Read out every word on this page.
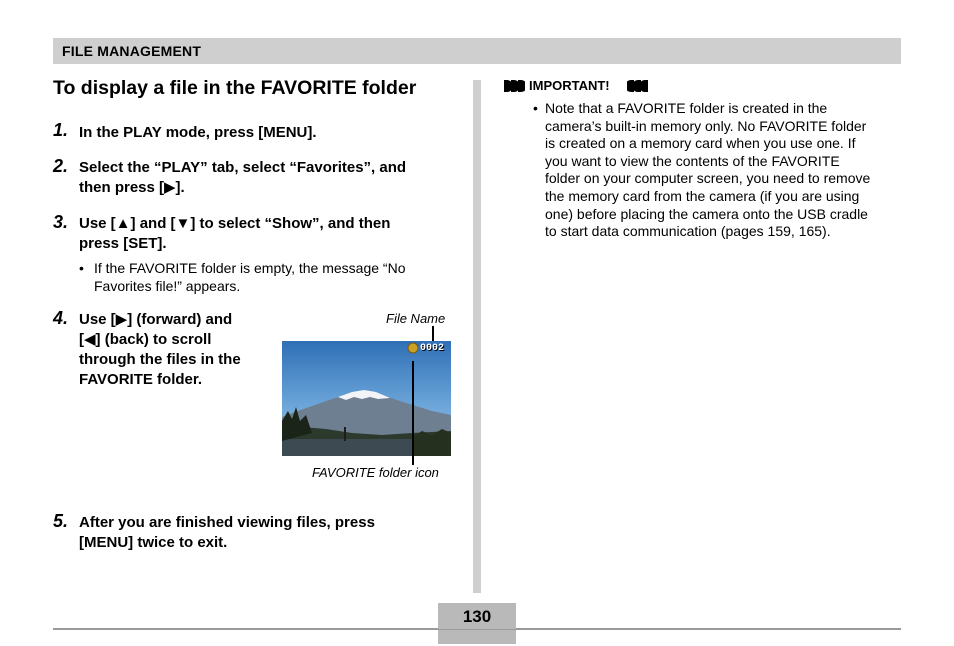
FILE MANAGEMENT
To display a file in the FAVORITE folder
1. In the PLAY mode, press [MENU].
2. Select the “PLAY” tab, select “Favorites”, and
then press [▶].
3. Use [▲] and [▼] to select “Show”, and then
press [SET].
• If the FAVORITE folder is empty, the message “No
Favorites file!” appears.
4. Use [▶] (forward) and
[◀] (back) to scroll
through the files in the
FAVORITE folder.
File Name
0002
FAVORITE folder icon
5. After you are finished viewing files, press
[MENU] twice to exit.
IMPORTANT!
• Note that a FAVORITE folder is created in the
camera’s built-in memory only. No FAVORITE folder
is created on a memory card when you use one. If
you want to view the contents of the FAVORITE
folder on your computer screen, you need to remove
the memory card from the camera (if you are using
one) before placing the camera onto the USB cradle
to start data communication (pages 159, 165).
130
